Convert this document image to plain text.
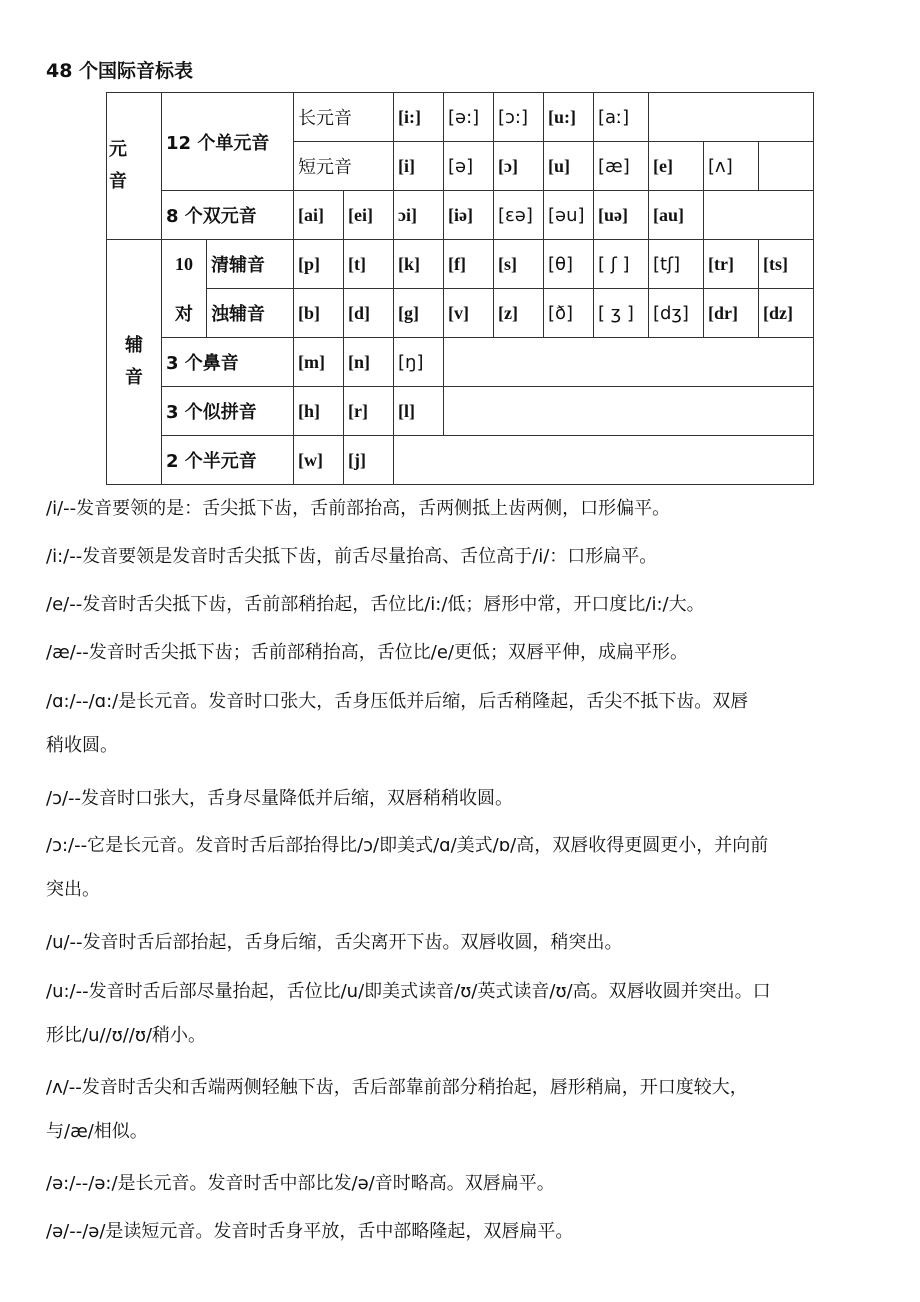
48 个国际音标表
元
音	12 个单元音		长元音		[i:]	[ə:]	[ɔ:]	[u:]	[aː]			
			短元音		[i]	[ə]	[ɔ]	[u]	[æ]	[e]	[ʌ]	
	8 个双元音		[ai]	[ei]	ɔi]	[iə]	[ɛə]	[əu]	[uə]	[au]		
辅
音	10	清辅音	[p]	[t]	[k]	[f]	[s]	[θ]	[ ʃ ]	[tʃ]	[tr]	[ts]
	对	浊辅音	[b]	[d]	[g]	[v]	[z]	[ð]	[ ʒ ]	[dʒ]	[dr]	[dz]
	3 个鼻音		[m]	[n]	[ŋ]							
	3 个似拼音		[h]	[r]	[l]							
	2 个半元音		[w]	[j]								
/i/--发音要领的是：舌尖抵下齿，舌前部抬高，舌两侧抵上齿两侧，口形偏平。
/i:/--发音要领是发音时舌尖抵下齿，前舌尽量抬高、舌位高于/i/：口形扁平。
/e/--发音时舌尖抵下齿，舌前部稍抬起，舌位比/i:/低；唇形中常，开口度比/i:/大。
/æ/--发音时舌尖抵下齿；舌前部稍抬高，舌位比/e/更低；双唇平伸，成扁平形。
/ɑ:/--/ɑ:/是长元音。发音时口张大，舌身压低并后缩，后舌稍隆起，舌尖不抵下齿。双唇
稍收圆。
/ɔ/--发音时口张大，舌身尽量降低并后缩，双唇稍稍收圆。
/ɔ:/--它是长元音。发音时舌后部抬得比/ɔ/即美式/ɑ/美式/ɒ/高，双唇收得更圆更小，并向前
突出。
/u/--发音时舌后部抬起，舌身后缩，舌尖离开下齿。双唇收圆，稍突出。
/u:/--发音时舌后部尽量抬起，舌位比/u/即美式读音/ʊ/英式读音/ʊ/高。双唇收圆并突出。口
形比/u//ʊ//ʊ/稍小。
/ʌ/--发音时舌尖和舌端两侧轻触下齿，舌后部靠前部分稍抬起，唇形稍扁，开口度较大，
与/æ/相似。
/ə:/--/ə:/是长元音。发音时舌中部比发/ə/音时略高。双唇扁平。
/ə/--/ə/是读短元音。发音时舌身平放，舌中部略隆起，双唇扁平。
